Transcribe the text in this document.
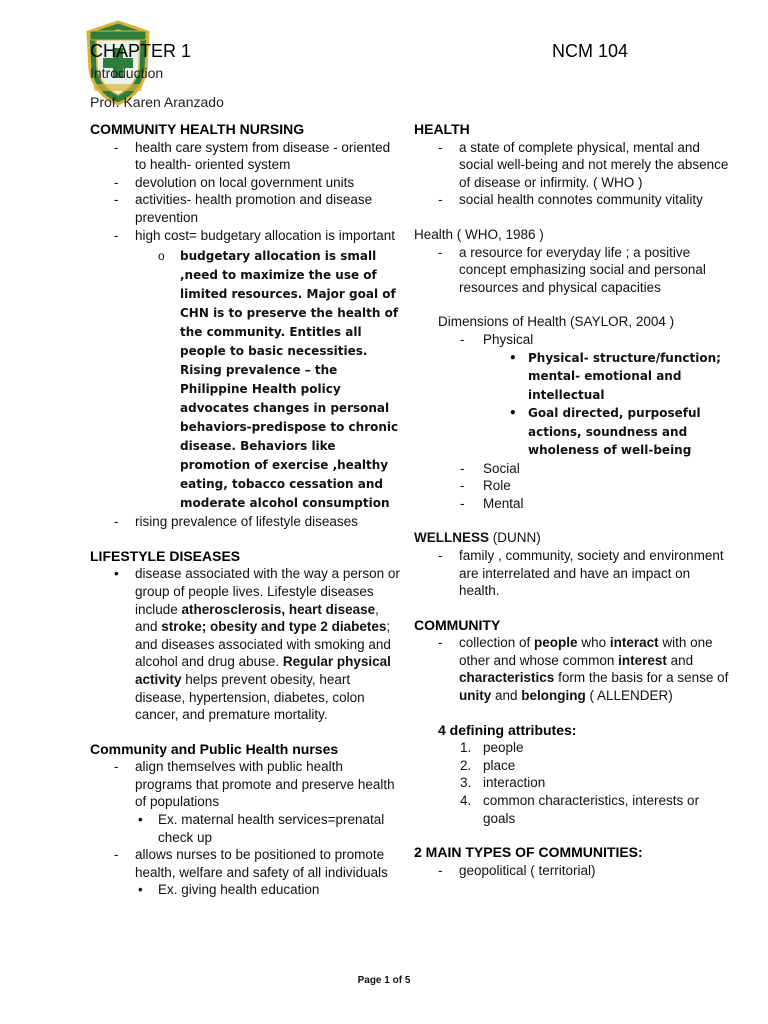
CHAPTER 1	NCM 104
Introduction
Prof. Karen Aranzado
COMMUNITY HEALTH NURSING
- health care system from disease - oriented to health- oriented system
- devolution on local government units
- activities- health promotion and disease prevention
- high cost= budgetary allocation is important
o budgetary allocation is small ,need to maximize the use of limited resources. Major goal of CHN is to preserve the health of the community. Entitles all people to basic necessities. Rising prevalence – the Philippine Health policy advocates changes in personal behaviors-predispose to chronic disease. Behaviors like promotion of exercise ,healthy eating, tobacco cessation and moderate alcohol consumption
- rising prevalence of lifestyle diseases
LIFESTYLE DISEASES
• disease associated with the way a person or group of people lives. Lifestyle diseases include atherosclerosis, heart disease, and stroke; obesity and type 2 diabetes; and diseases associated with smoking and alcohol and drug abuse. Regular physical activity helps prevent obesity, heart disease, hypertension, diabetes, colon cancer, and premature mortality.
Community and Public Health nurses
- align themselves with public health programs that promote and preserve health of populations
• Ex. maternal health services=prenatal check up
- allows nurses to be positioned to promote health, welfare and safety of all individuals
• Ex. giving health education
HEALTH
- a state of complete physical, mental and social well-being and not merely the absence of disease or infirmity. ( WHO )
- social health connotes community vitality
Health ( WHO, 1986 )
- a resource for everyday life ; a positive concept emphasizing social and personal resources and physical capacities
Dimensions of Health (SAYLOR, 2004 )
- Physical
• Physical- structure/function; mental- emotional and intellectual
• Goal directed, purposeful actions, soundness and wholeness of well-being
- Social
- Role
- Mental
WELLNESS (DUNN)
- family , community, society and environment are interrelated and have an impact on health.
COMMUNITY
- collection of people who interact with one other and whose common interest and characteristics form the basis for a sense of unity and belonging ( ALLENDER)
4 defining attributes:
1. people
2. place
3. interaction
4. common characteristics, interests or goals
2 MAIN TYPES OF COMMUNITIES:
- geopolitical ( territorial)
Page 1 of 5
